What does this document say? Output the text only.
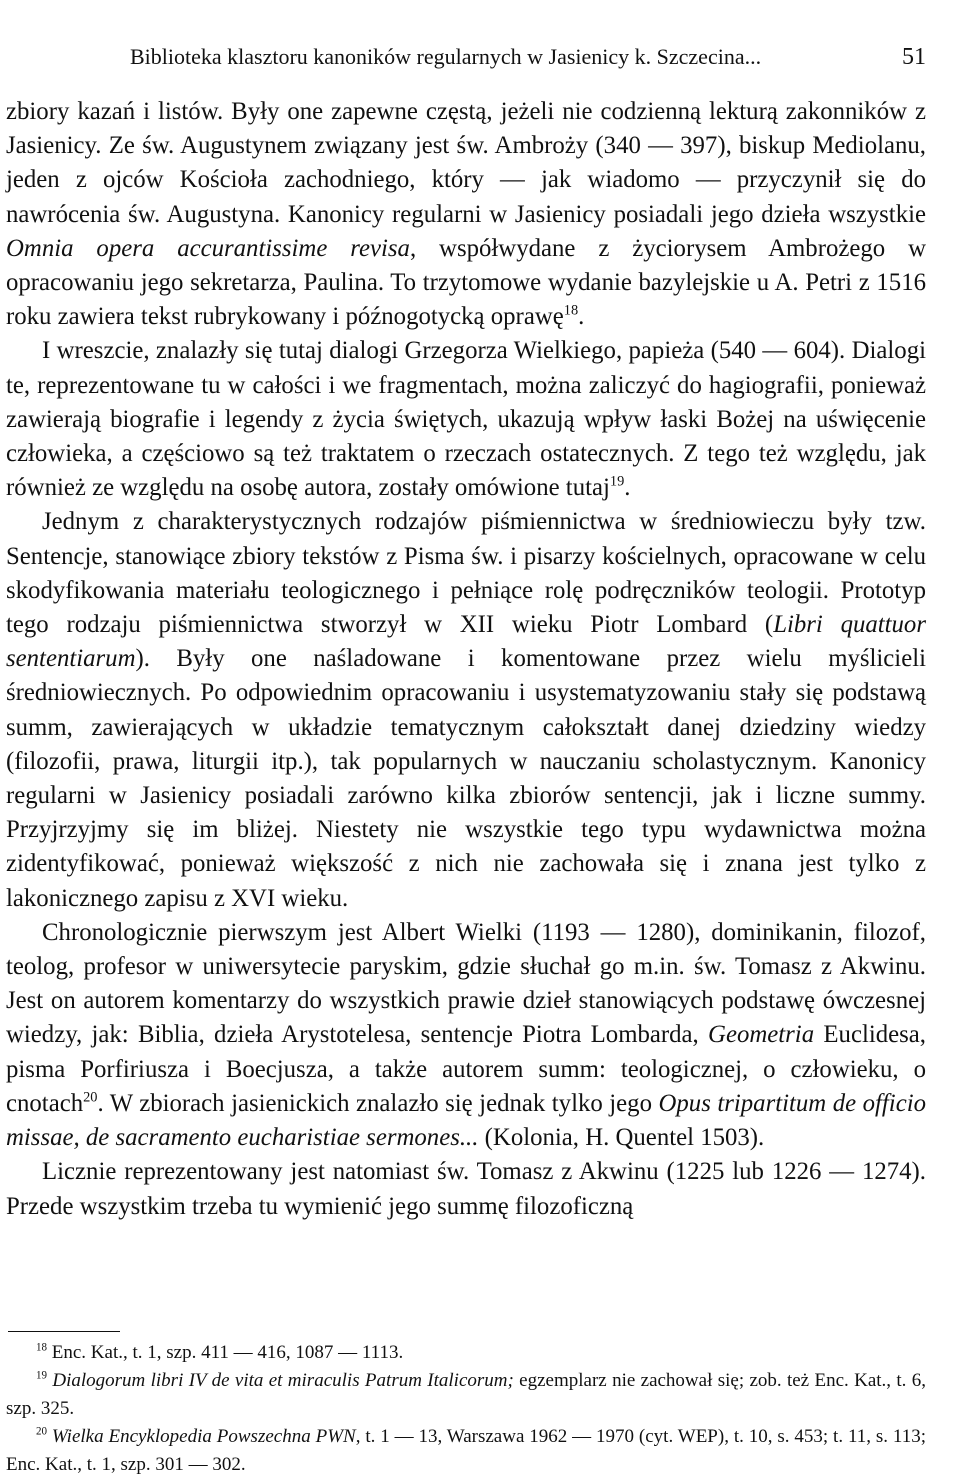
Biblioteka klasztoru kanoników regularnych w Jasienicy k. Szczecina...	51

zbiory kazań i listów. Były one zapewne częstą, jeżeli nie codzienną lekturą zakonników z Jasienicy. Ze św. Augustynem związany jest św. Ambroży (340 — 397), biskup Mediolanu, jeden z ojców Kościoła zachodniego, który — jak wiadomo — przyczynił się do nawrócenia św. Augustyna. Kanonicy regularni w Jasienicy posiadali jego dzieła wszystkie Omnia opera accurantissime revisa, współwydane z życiorysem Ambrożego w opracowaniu jego sekretarza, Paulina. To trzytomowe wydanie bazylejskie u A. Petri z 1516 roku zawiera tekst rubrykowany i późnogotycką oprawę$^{18}$.

I wreszcie, znalazły się tutaj dialogi Grzegorza Wielkiego, papieża (540 — 604). Dialogi te, reprezentowane tu w całości i we fragmentach, można zaliczyć do hagiografii, ponieważ zawierają biografie i legendy z życia świętych, ukazują wpływ łaski Bożej na uświęcenie człowieka, a częściowo są też traktatem o rzeczach ostatecznych. Z tego też względu, jak również ze względu na osobę autora, zostały omówione tutaj$^{19}$.

Jednym z charakterystycznych rodzajów piśmiennictwa w średniowieczu były tzw. Sentencje, stanowiące zbiory tekstów z Pisma św. i pisarzy kościelnych, opracowane w celu skodyfikowania materiału teologicznego i pełniące rolę podręczników teologii. Prototyp tego rodzaju piśmiennictwa stworzył w XII wieku Piotr Lombard (Libri quattuor sententiarum). Były one naśladowane i komentowane przez wielu myślicieli średniowiecznych. Po odpowiednim opracowaniu i usystematyzowaniu stały się podstawą summ, zawierających w układzie tematycznym całokształt danej dziedziny wiedzy (filozofii, prawa, liturgii itp.), tak popularnych w nauczaniu scholastycznym. Kanonicy regularni w Jasienicy posiadali zarówno kilka zbiorów sentencji, jak i liczne summy. Przyjrzyjmy się im bliżej. Niestety nie wszystkie tego typu wydawnictwa można zidentyfikować, ponieważ większość z nich nie zachowała się i znana jest tylko z lakonicznego zapisu z XVI wieku.

Chronologicznie pierwszym jest Albert Wielki (1193 — 1280), dominikanin, filozof, teolog, profesor w uniwersytecie paryskim, gdzie słuchał go m.in. św. Tomasz z Akwinu. Jest on autorem komentarzy do wszystkich prawie dzieł stanowiących podstawę ówczesnej wiedzy, jak: Biblia, dzieła Arystotelesa, sentencje Piotra Lombarda, Geometria Euclidesa, pisma Porfiriusza i Boecjusza, a także autorem summ: teologicznej, o człowieku, o cnotach$^{20}$. W zbiorach jasienickich znalazło się jednak tylko jego Opus tripartitum de officio missae, de sacramento eucharistiae sermones... (Kolonia, H. Quentel 1503).

Licznie reprezentowany jest natomiast św. Tomasz z Akwinu (1225 lub 1226 — 1274). Przede wszystkim trzeba tu wymienić jego summę filozoficzną

$^{18}$ Enc. Kat., t. 1, szp. 411 — 416, 1087 — 1113.

$^{19}$ Dialogorum libri IV de vita et miraculis Patrum Italicorum; egzemplarz nie zachował się; zob. też Enc. Kat., t. 6, szp. 325.

$^{20}$ Wielka Encyklopedia Powszechna PWN, t. 1 — 13, Warszawa 1962 — 1970 (cyt. WEP), t. 10, s. 453; t. 11, s. 113; Enc. Kat., t. 1, szp. 301 — 302.
